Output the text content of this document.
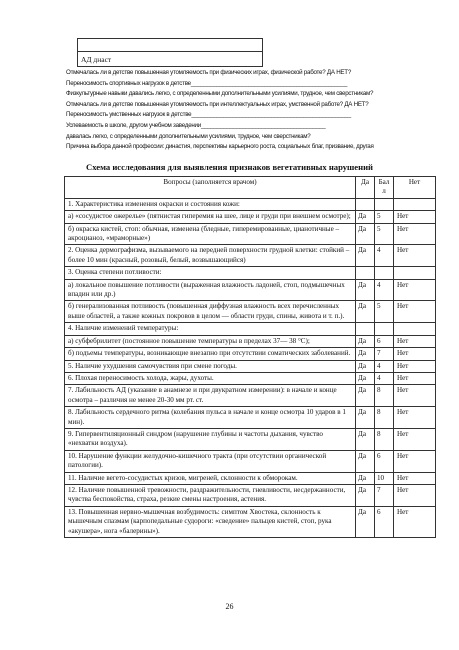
АД днаст
Отмечалась ли в детстве повышенная утомляемость при физических играх, физической работе? ДА НЕТ?
Переносимость спортивных нагрузок в детстве_________________________________________________
Физкультурные навыки давались легко, с определенными дополнительными усилиями, трудное, чем сверстникам?
Отмечалась ли в детстве повышенная утомляемость при интеллектуальных играх, умственной работе? ДА НЕТ?
Переносимость умственных нагрузок в детстве__________________________________________________
Успеваемость в школе, другом учебном заведении_______________________________________
давалась легко, с определенными дополнительными усилиями, трудное, чем сверстникам?
Причина выбора данной профессии: династия, перспективы карьерного роста, социальных благ, призвание, другая
Схема исследования для выявления признаков вегетативных нарушений
Вопросы (заполняется врачом)	Да	Бал л	Нет

1. Характеристика изменения окраски и состояния кожи:			

а) «сосудистое ожерелье» (пятнистая гиперемия на шее, лице и груди при внешнем осмотре);	Да	5	Нет

б) окраска кистей, стоп: обычная, изменена (бледные, гиперемированные, цианотичные – акроцианоз, «мраморные»)	Да	5	Нет

2. Оценка дермографизма, вызываемого на передней поверхности грудной клетки: стойкий – более 10 мин (красный, розовый, белый, возвышающийся)	Да	4	Нет

3. Оценка степени потливости:			

а) локальное повышение потливости (выраженная влажность ладоней, стоп, подмышечных впадин или др.)	Да	4	Нет

б) генерализованная потливость (повышенная диффузная влажность всех перечисленных выше областей, а также кожных покровов в целом — области груди, спины, живота и т. п.).	Да	5	Нет

4. Наличие изменений температуры:			

а) субфебрилитет (постоянное повышение температуры в пределах 37— 38 °C);	Да	6	Нет

б) подъемы температуры, возникающие внезапно при отсутствии соматических заболеваний.	Да	7	Нет

5. Наличие ухудшения самочувствия при смене погоды.	Да	4	Нет

6. Плохая переносимость холода, жары, духоты.	Да	4	Нет

7. Лабильность АД (указание в анамнезе и при двукратном измерении): в начале и конце осмотра – различия не менее 20-30 мм рт. ст.	Да	8	Нет

8. Лабильность сердечного ритма (колебания пульса в начале и конце осмотра 10 ударов в 1 мин).	Да	8	Нет

9. Гипервентиляционный синдром (нарушение глубины и частоты дыхания, чувство «нехватки воздуха).	Да	8	Нет

10. Нарушение функции желудочно-кишечного тракта (при отсутствии органической патологии).	Да	6	Нет

11. Наличие вегето-сосудистых кризов, мигреней, склонности к обморокам.	Да	10	Нет

12. Наличие повышенной тревожности, раздражительности, гневливости, несдержанности, чувства беспокойства, страха, резкие смены настроения, астения.	Да	7	Нет

13. Повышенная нервно-мышечная возбудимость: симптом Хвостека, склонность к мышечным спазмам (карпопедальные судороги: «сведение» пальцев кистей, стоп, рука «акушера», нога «балерины»).	Да	6	Нет
26
